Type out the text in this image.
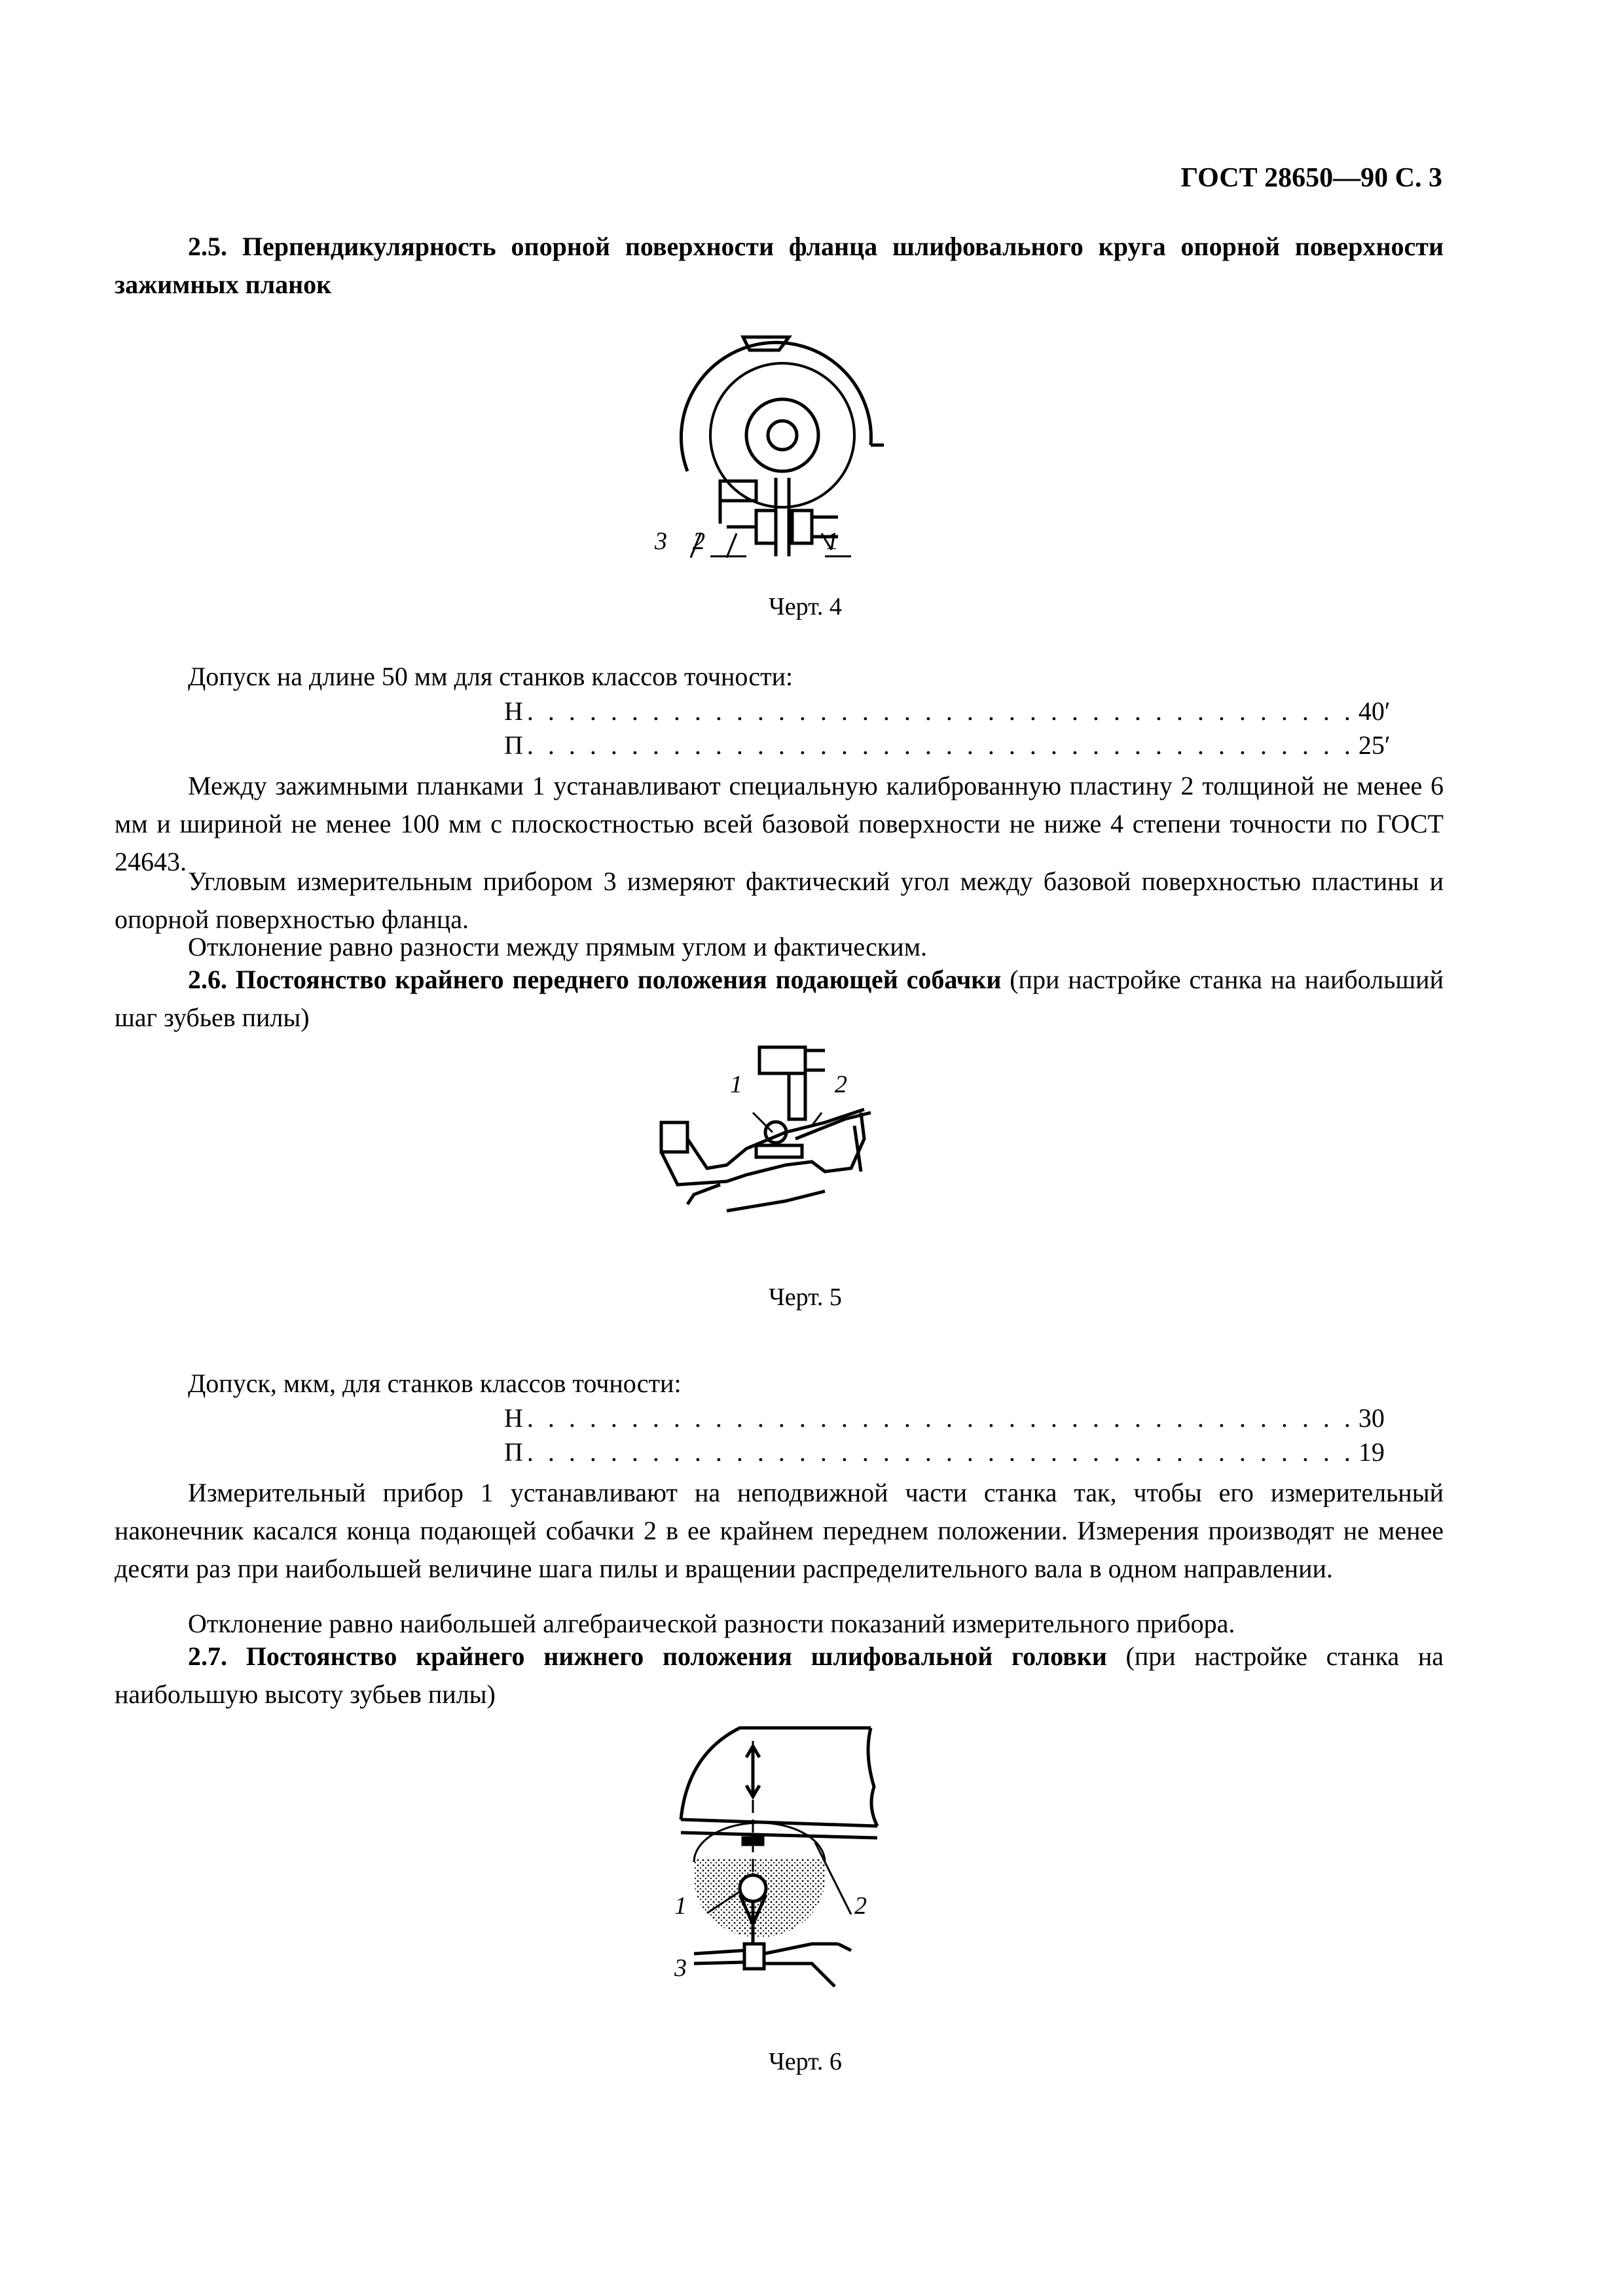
ГОСТ 28650—90 С. 3
2.5. Перпендикулярность опорной поверхности фланца шлифовального круга опорной поверхности зажимных планок
3 2	1
Черт. 4
Допуск на длине 50 мм для станков классов точности:
Н . . . . . . . . . . . . . . . . . . . . . . . . . . . . . . . . . . . . . . . . 40′
П . . . . . . . . . . . . . . . . . . . . . . . . . . . . . . . . . . . . . . . . 25′
Между зажимными планками 1 устанавливают специальную калиброванную пластину 2 толщиной не менее 6 мм и шириной не менее 100 мм с плоскостностью всей базовой поверхности не ниже 4 степени точности по ГОСТ 24643.
Угловым измерительным прибором 3 измеряют фактический угол между базовой поверхностью пластины и опорной поверхностью фланца.
Отклонение равно разности между прямым углом и фактическим.
2.6. Постоянство крайнего переднего положения подающей собачки (при настройке станка на наибольший шаг зубьев пилы)
1	2
Черт. 5
Допуск, мкм, для станков классов точности:
Н . . . . . . . . . . . . . . . . . . . . . . . . . . . . . . . . . . . . . . . . 30
П . . . . . . . . . . . . . . . . . . . . . . . . . . . . . . . . . . . . . . . . 19
Измерительный прибор 1 устанавливают на неподвижной части станка так, чтобы его измерительный наконечник касался конца подающей собачки 2 в ее крайнем переднем положении. Измерения производят не менее десяти раз при наибольшей величине шага пилы и вращении распределительного вала в одном направлении.
Отклонение равно наибольшей алгебраической разности показаний измерительного прибора.
2.7. Постоянство крайнего нижнего положения шлифовальной головки (при настройке станка на наибольшую высоту зубьев пилы)
1	2
3
Черт. 6
